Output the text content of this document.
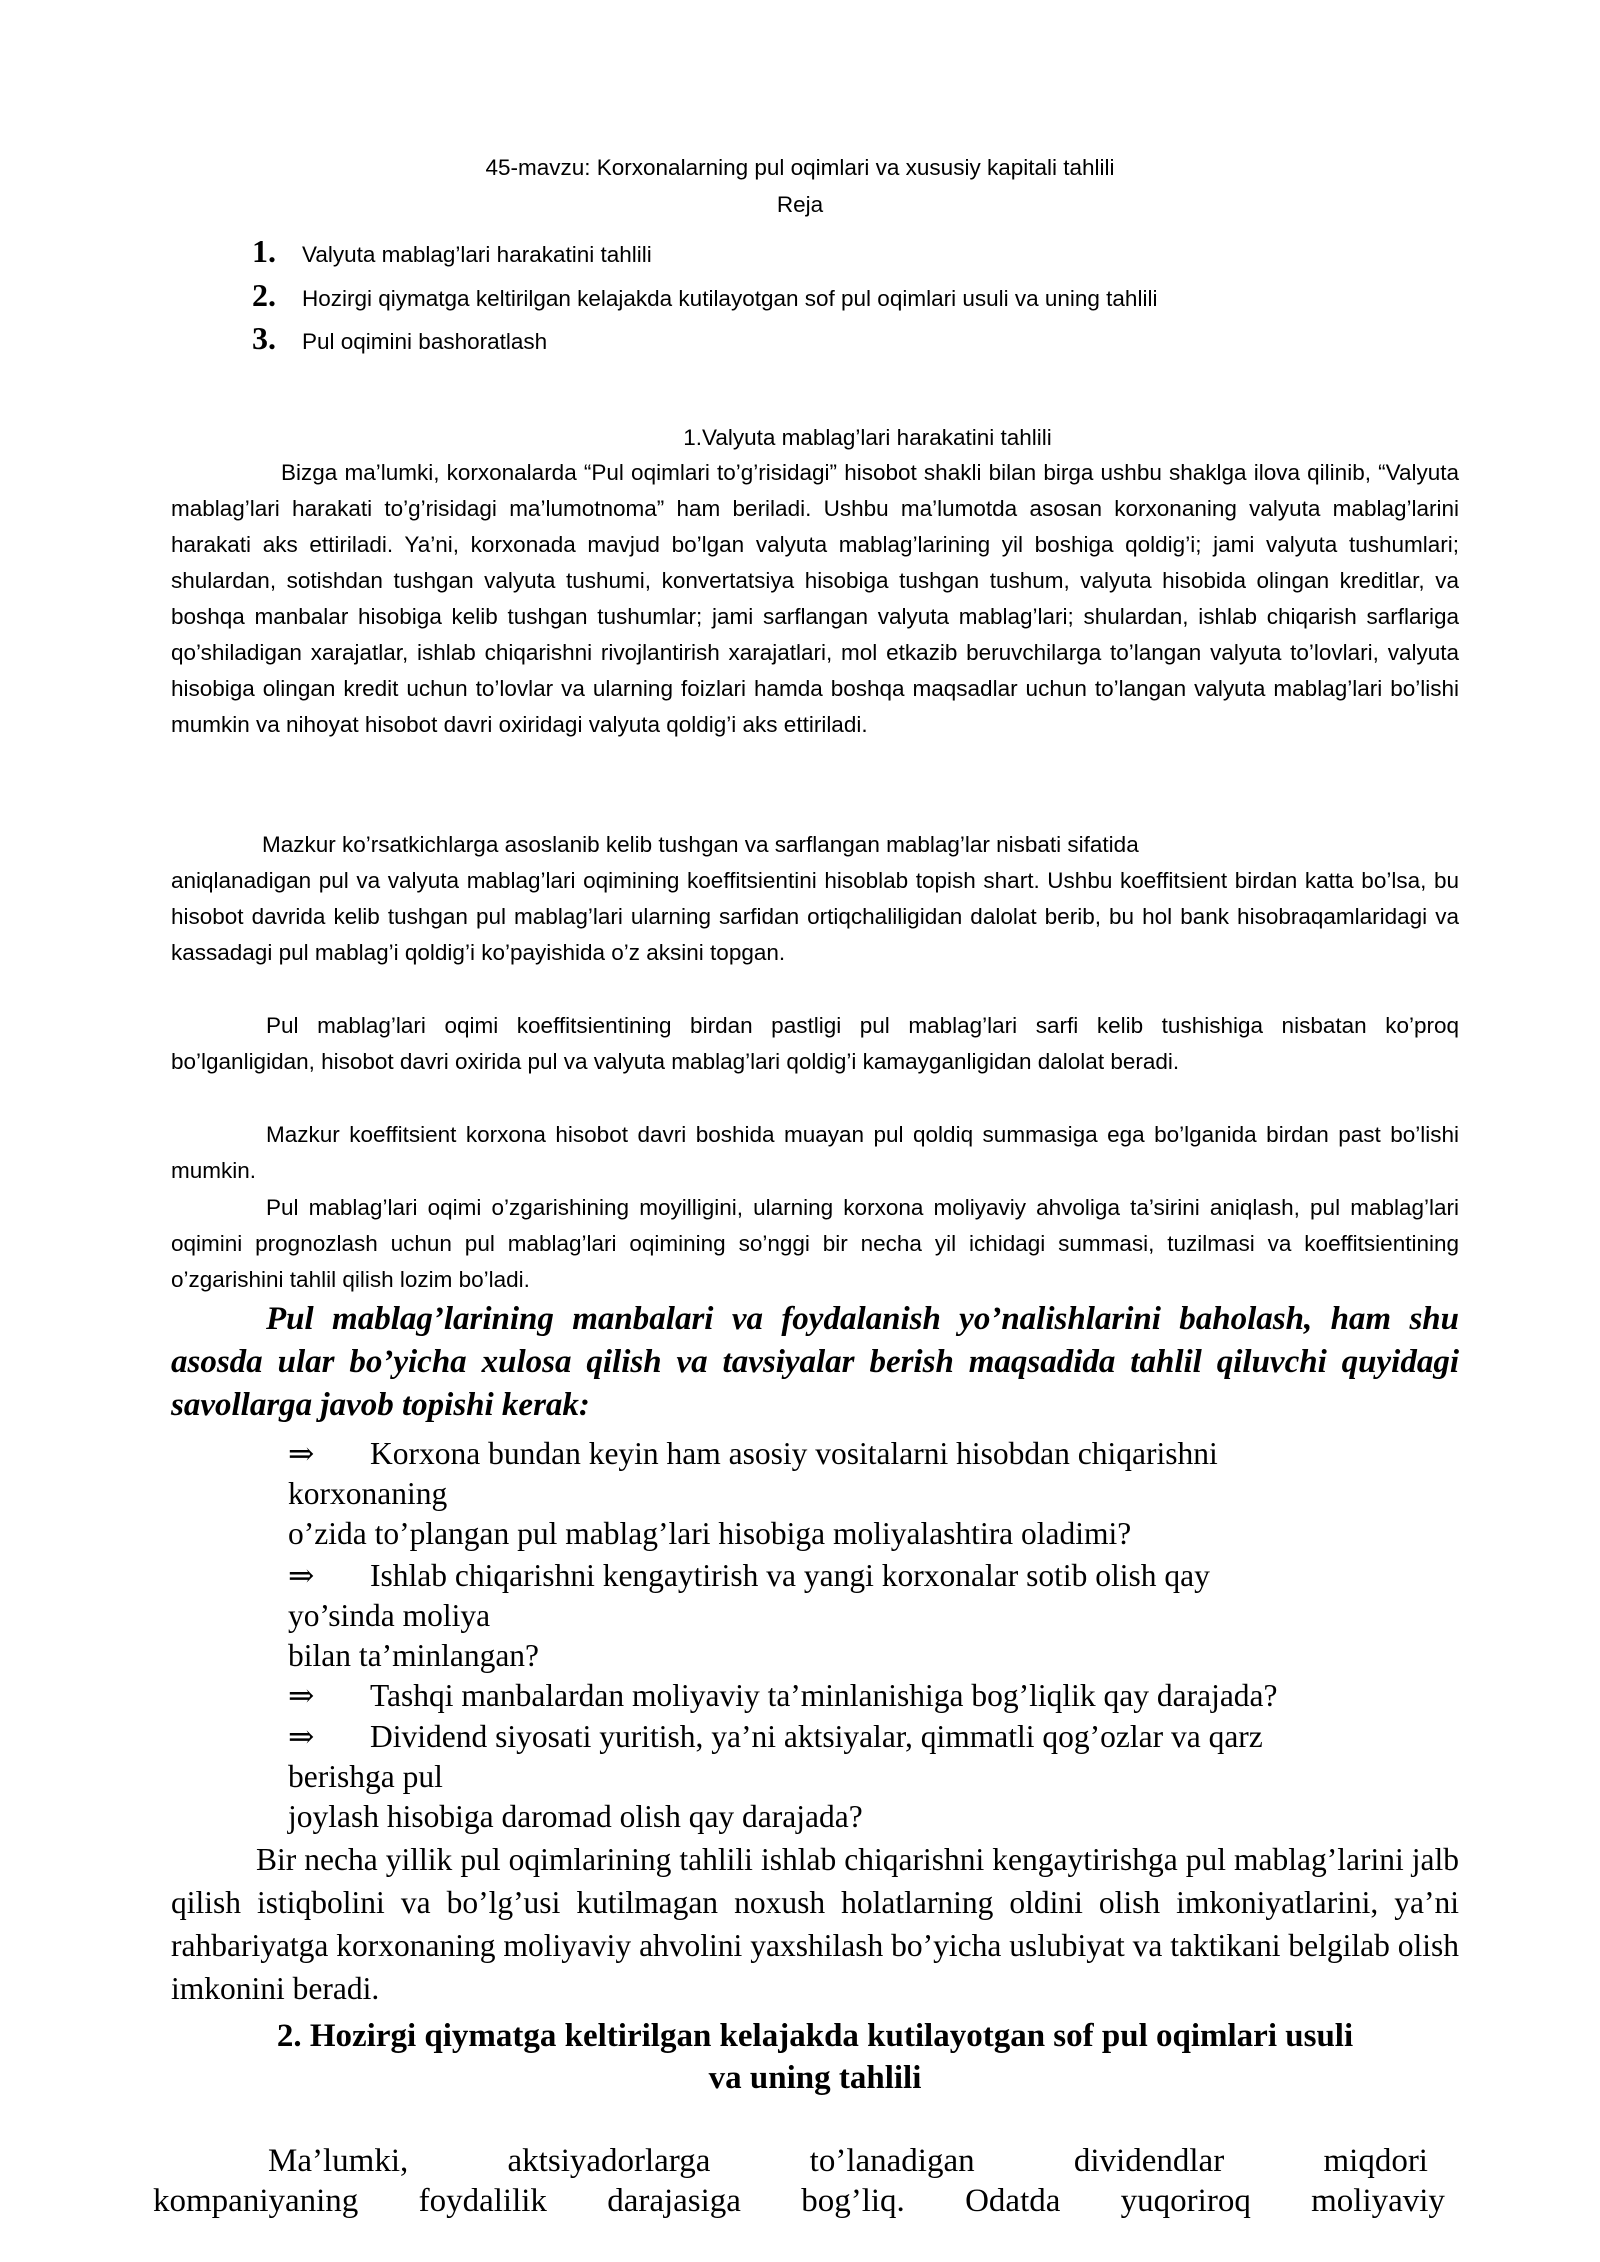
45-mavzu: Korxonalarning pul oqimlari va xususiy kapitali tahlili
Reja
1.	Valyuta mablag’lari harakatini tahlili
2.	Hozirgi qiymatga keltirilgan kelajakda kutilayotgan sof pul oqimlari usuli va uning tahlili
3.	Pul oqimini bashoratlash
1.Valyuta mablag’lari harakatini tahlili

Bizga ma’lumki, korxonalarda “Pul oqimlari to’g’risidagi” hisobot shakli bilan birga ushbu shaklga ilova qilinib, “Valyuta mablag’lari harakati to’g’risidagi ma’lumotnoma” ham beriladi. Ushbu ma’lumotda asosan korxonaning valyuta mablag’larini harakati aks ettiriladi. Ya’ni, korxonada mavjud bo’lgan valyuta mablag’larining yil boshiga qoldig’i; jami valyuta tushumlari; shulardan, sotishdan tushgan valyuta tushumi, konvertatsiya hisobiga tushgan tushum, valyuta hisobida olingan kreditlar, va boshqa manbalar hisobiga kelib tushgan tushumlar; jami sarflangan valyuta mablag’lari; shulardan, ishlab chiqarish sarflariga qo’shiladigan xarajatlar, ishlab chiqarishni rivojlantirish xarajatlari, mol etkazib beruvchilarga to’langan valyuta to’lovlari, valyuta hisobiga olingan kredit uchun to’lovlar va ularning foizlari hamda boshqa maqsadlar uchun to’langan valyuta mablag’lari bo’lishi mumkin va nihoyat hisobot davri oxiridagi valyuta qoldig’i aks ettiriladi.

Mazkur ko’rsatkichlarga asoslanib kelib tushgan va sarflangan mablag’lar nisbati sifatida

aniqlanadigan pul va valyuta mablag’lari oqimining koeffitsientini hisoblab topish shart. Ushbu koeffitsient birdan katta bo’lsa, bu hisobot davrida kelib tushgan pul mablag’lari ularning sarfidan ortiqchaliligidan dalolat berib, bu hol bank hisobraqamlaridagi va kassadagi pul mablag’i qoldig’i ko’payishida o’z aksini topgan.

Pul mablag’lari oqimi koeffitsientining birdan pastligi pul mablag’lari sarfi kelib tushishiga nisbatan ko’proq bo’lganligidan, hisobot davri oxirida pul va valyuta mablag’lari qoldig’i kamayganligidan dalolat beradi.

Mazkur koeffitsient korxona hisobot davri boshida muayan pul qoldiq summasiga ega bo’lganida birdan past bo’lishi mumkin.

Pul mablag’lari oqimi o’zgarishining moyilligini, ularning korxona moliyaviy ahvoliga ta’sirini aniqlash, pul mablag’lari oqimini prognozlash uchun pul mablag’lari oqimining so’nggi bir necha yil ichidagi summasi, tuzilmasi va koeffitsientining o’zgarishini tahlil qilish lozim bo’ladi.

Pul mablag’larining manbalari va foydalanish yo’nalishlarini baholash, ham shu asosda ular bo’yicha xulosa qilish va tavsiyalar berish maqsadida tahlil qiluvchi quyidagi savollarga javob topishi kerak:

⇒ Korxona bundan keyin ham asosiy vositalarni hisobdan chiqarishni
korxonaning
o’zida to’plangan pul mablag’lari hisobiga moliyalashtira oladimi?
⇒ Ishlab chiqarishni kengaytirish va yangi korxonalar sotib olish qay
yo’sinda moliya
bilan ta’minlangan?
⇒ Tashqi manbalardan moliyaviy ta’minlanishiga bog’liqlik qay darajada?
⇒ Dividend siyosati yuritish, ya’ni aktsiyalar, qimmatli qog’ozlar va qarz
berishga pul
joylash hisobiga daromad olish qay darajada?

Bir necha yillik pul oqimlarining tahlili ishlab chiqarishni kengaytirishga pul mablag’larini jalb qilish istiqbolini va bo’lg’usi kutilmagan noxush holatlarning oldini olish imkoniyatlarini, ya’ni rahbariyatga korxonaning moliyaviy ahvolini yaxshilash bo’yicha uslubiyat va taktikani belgilab olish imkonini beradi.

2. Hozirgi qiymatga keltirilgan kelajakda kutilayotgan sof pul oqimlari usuli
va uning tahlili
Ma’lumki,	aktsiyadorlarga	to’lanadigan	dividendlar	miqdori
kompaniyaning foydalilik darajasiga bog’liq. Odatda yuqoriroq moliyaviy
